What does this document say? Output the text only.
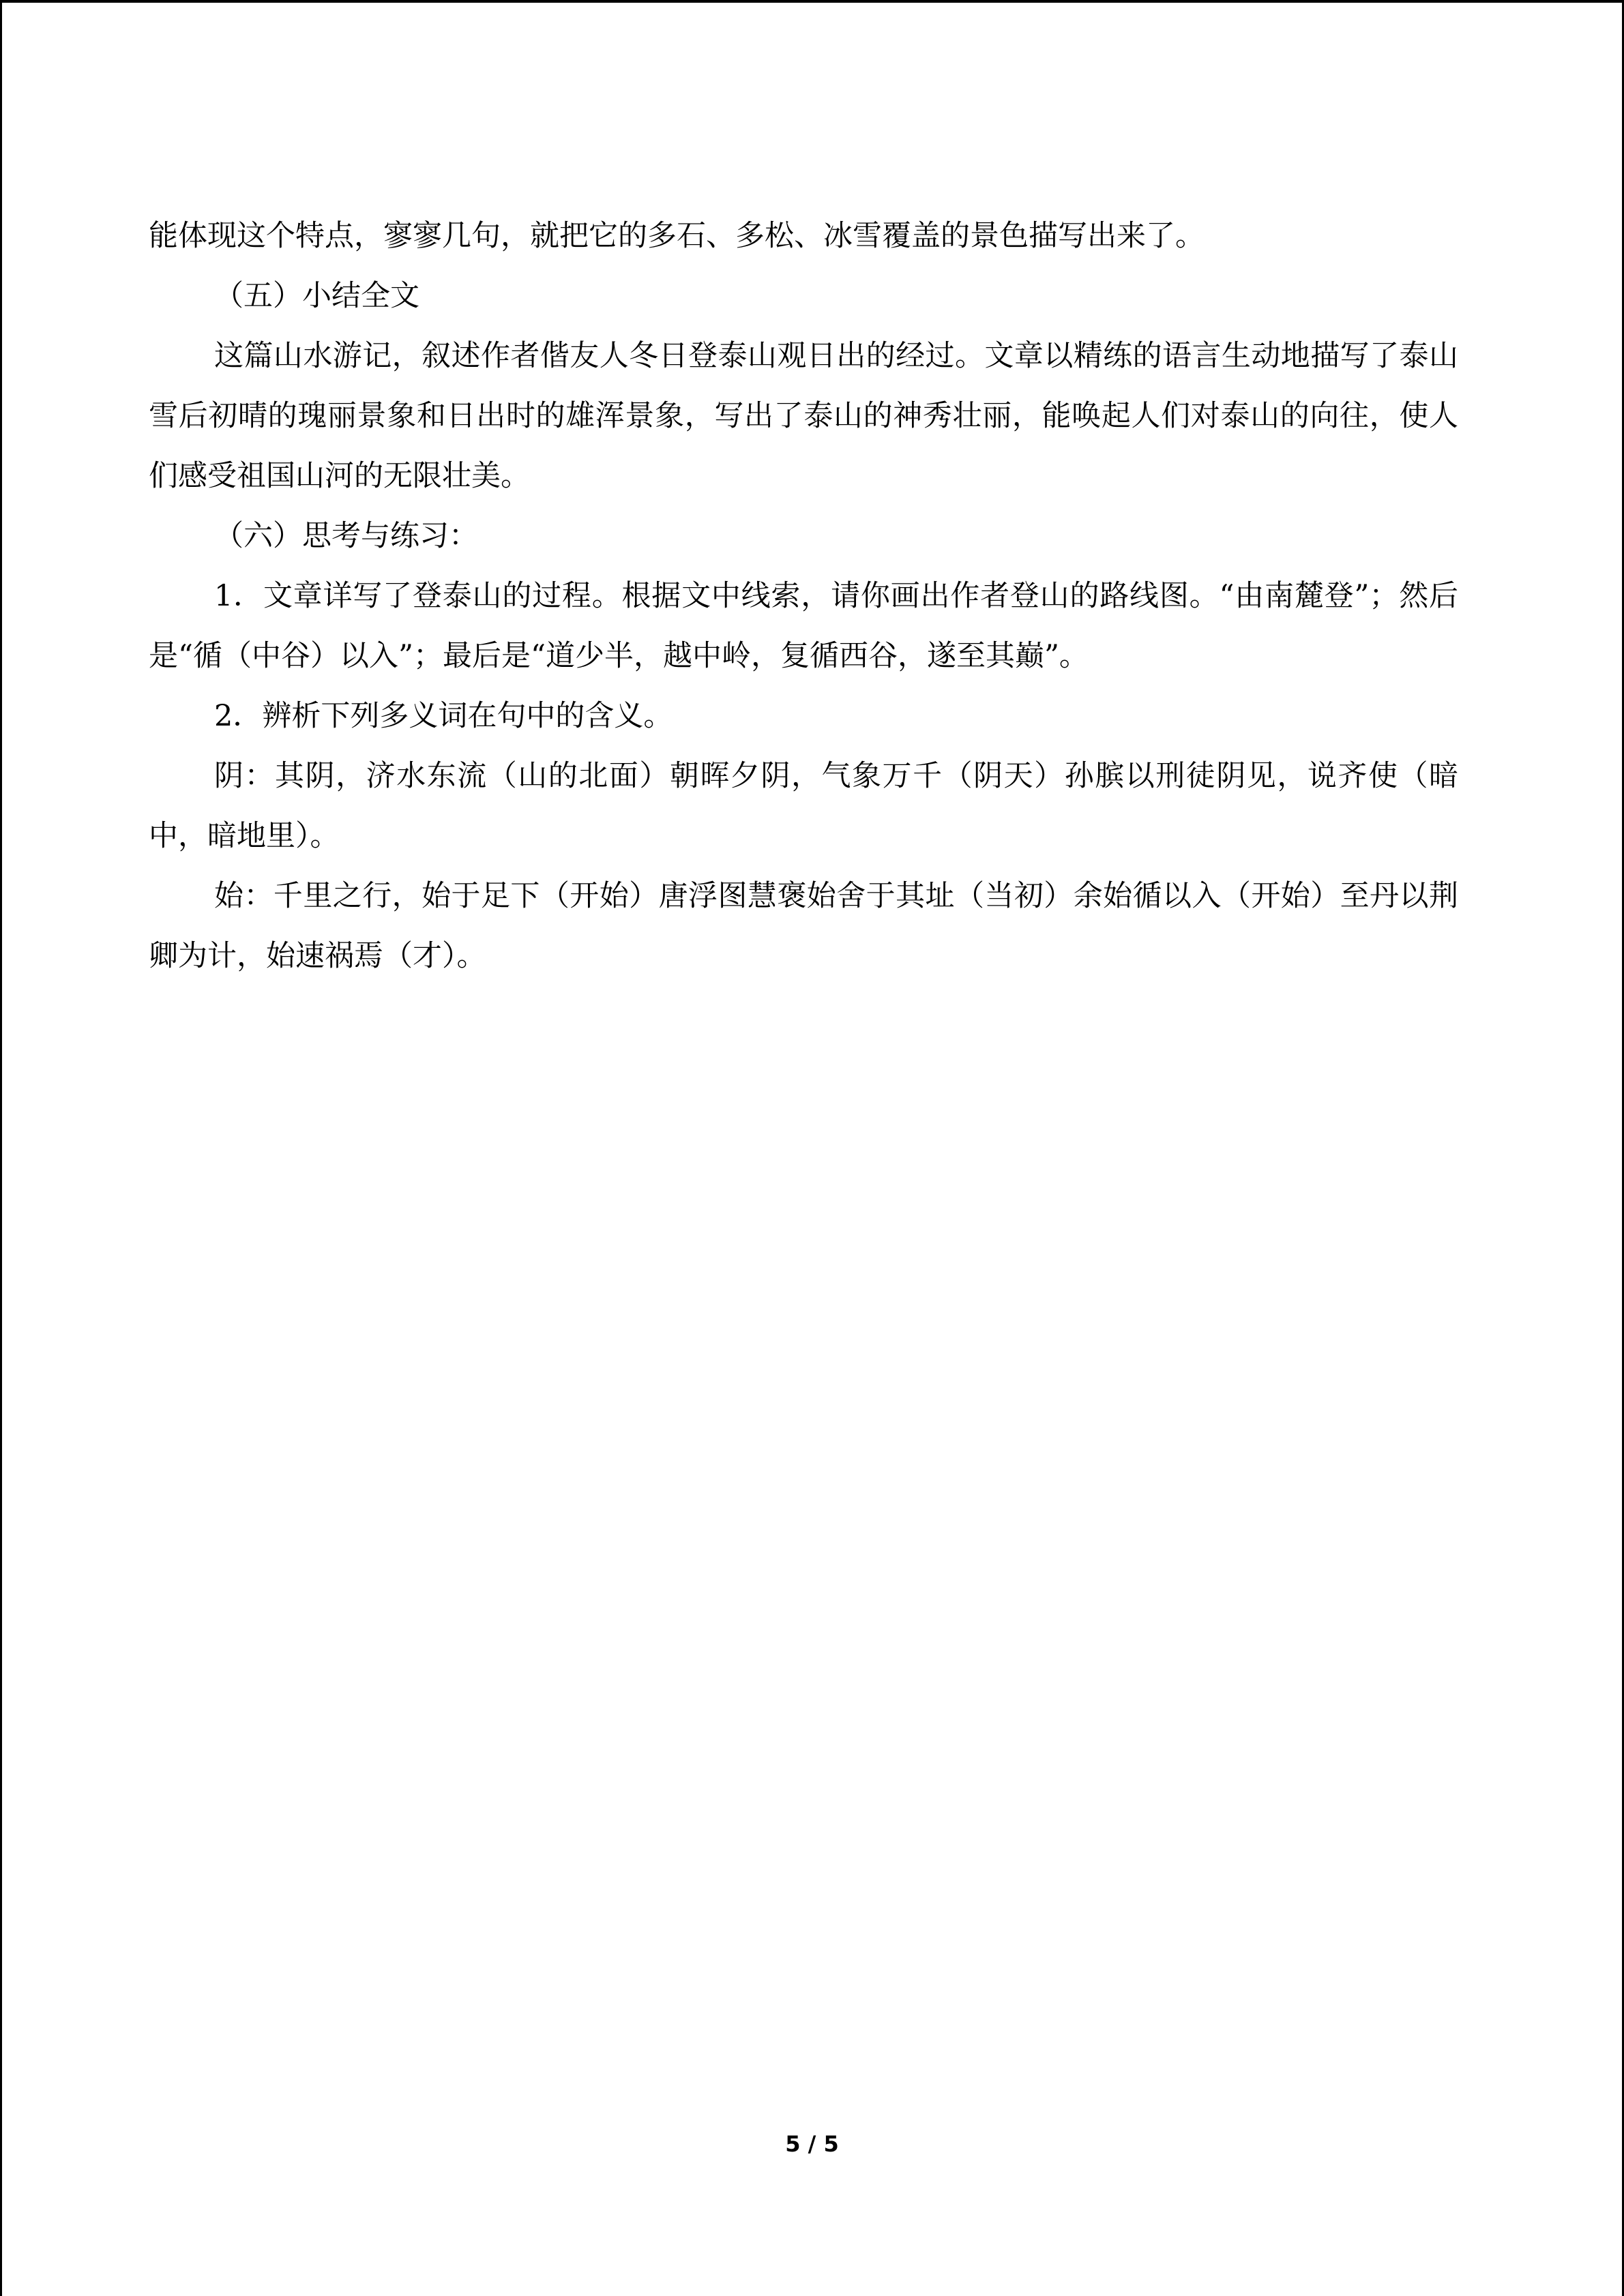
能体现这个特点，寥寥几句，就把它的多石、多松、冰雪覆盖的景色描写出来了。

（五）小结全文

这篇山水游记，叙述作者偕友人冬日登泰山观日出的经过。文章以精练的语言生动地描写了泰山雪后初晴的瑰丽景象和日出时的雄浑景象，写出了泰山的神秀壮丽，能唤起人们对泰山的向往，使人们感受祖国山河的无限壮美。

（六）思考与练习：

1．文章详写了登泰山的过程。根据文中线索，请你画出作者登山的路线图。“由南麓登”；然后是“循（中谷）以入”；最后是“道少半，越中岭，复循西谷，遂至其巅”。

2．辨析下列多义词在句中的含义。

阴：其阴，济水东流（山的北面）朝晖夕阴，气象万千（阴天）孙膑以刑徒阴见，说齐使（暗中，暗地里）。

始：千里之行，始于足下（开始）唐浮图慧褒始舍于其址（当初）余始循以入（开始）至丹以荆卿为计，始速祸焉（才）。

5 / 5
